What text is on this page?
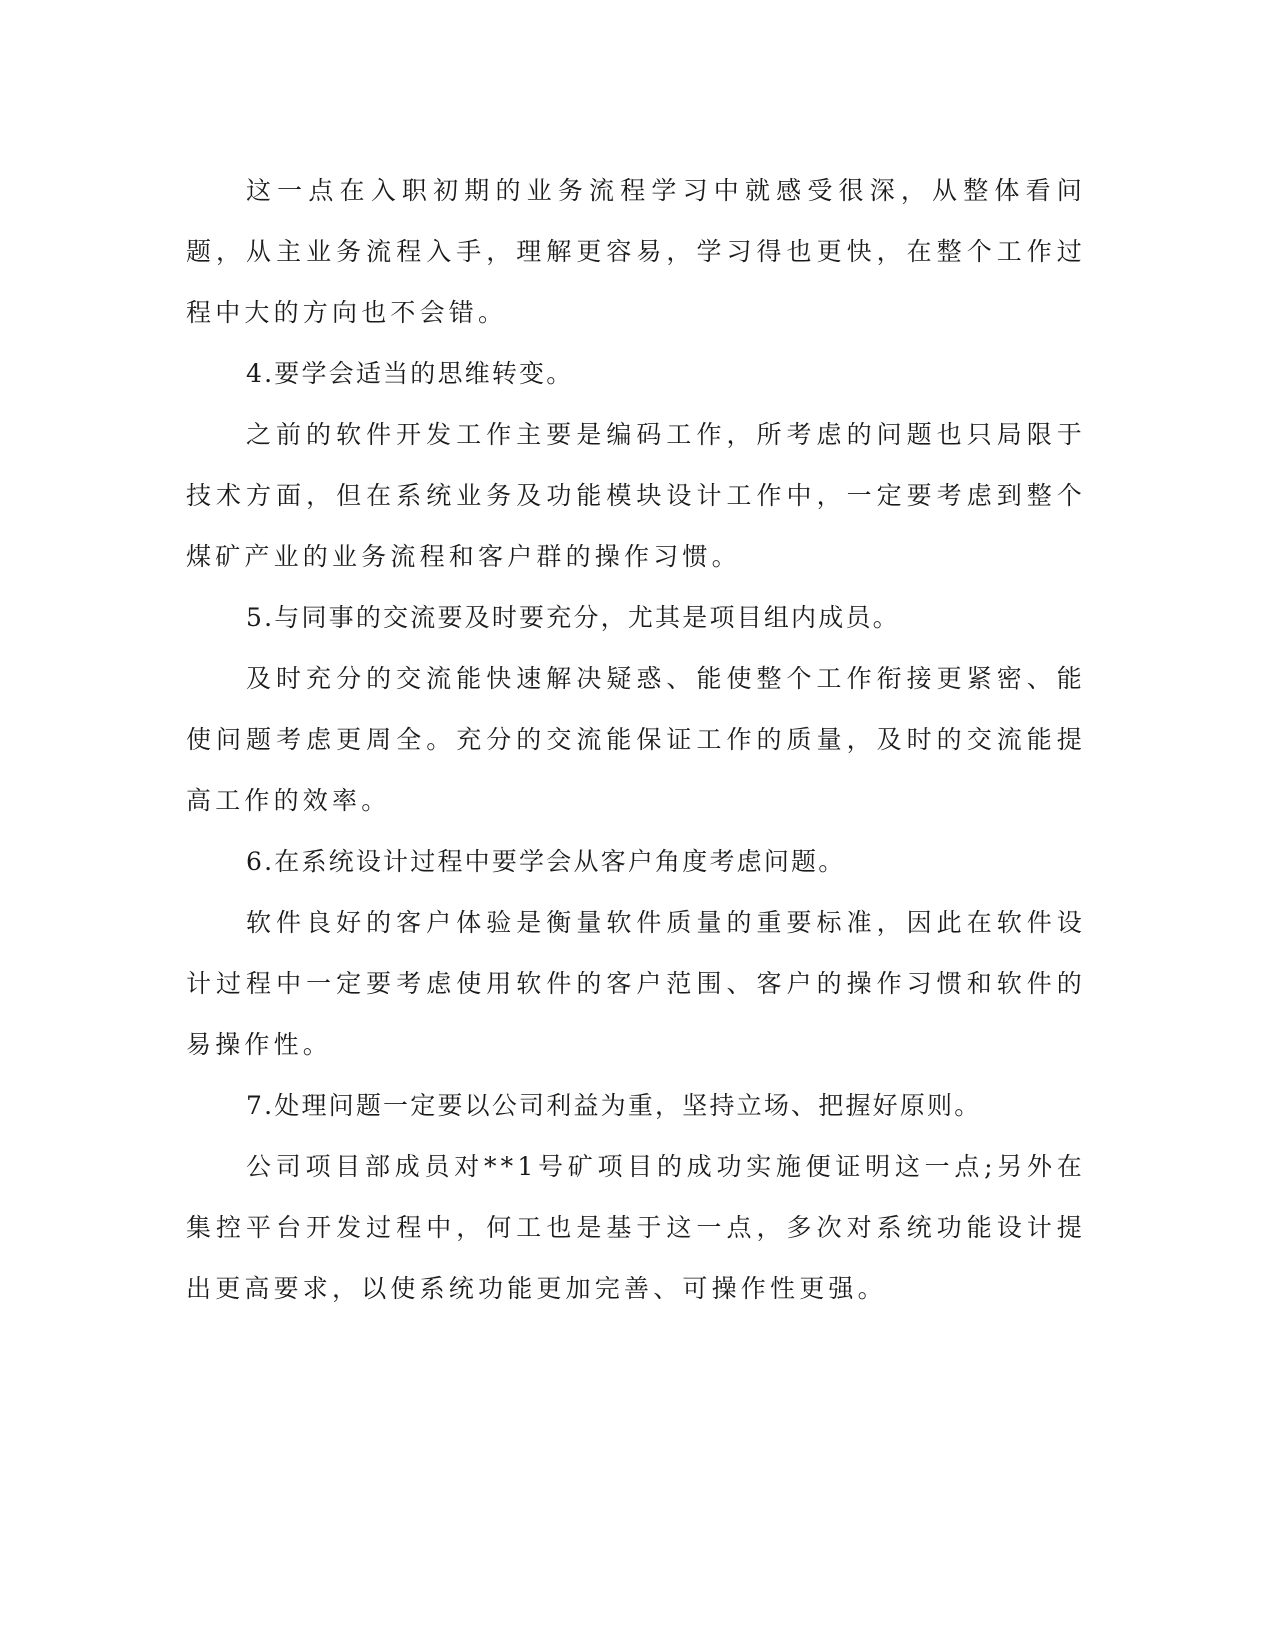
这一点在入职初期的业务流程学习中就感受很深，从整体看问题，从主业务流程入手，理解更容易，学习得也更快，在整个工作过程中大的方向也不会错。

4.要学会适当的思维转变。

之前的软件开发工作主要是编码工作，所考虑的问题也只局限于技术方面，但在系统业务及功能模块设计工作中，一定要考虑到整个煤矿产业的业务流程和客户群的操作习惯。

5.与同事的交流要及时要充分，尤其是项目组内成员。

及时充分的交流能快速解决疑惑、能使整个工作衔接更紧密、能使问题考虑更周全。充分的交流能保证工作的质量，及时的交流能提高工作的效率。

6.在系统设计过程中要学会从客户角度考虑问题。

软件良好的客户体验是衡量软件质量的重要标准，因此在软件设计过程中一定要考虑使用软件的客户范围、客户的操作习惯和软件的易操作性。

7.处理问题一定要以公司利益为重，坚持立场、把握好原则。

公司项目部成员对**1号矿项目的成功实施便证明这一点;另外在集控平台开发过程中，何工也是基于这一点，多次对系统功能设计提出更高要求，以使系统功能更加完善、可操作性更强。
